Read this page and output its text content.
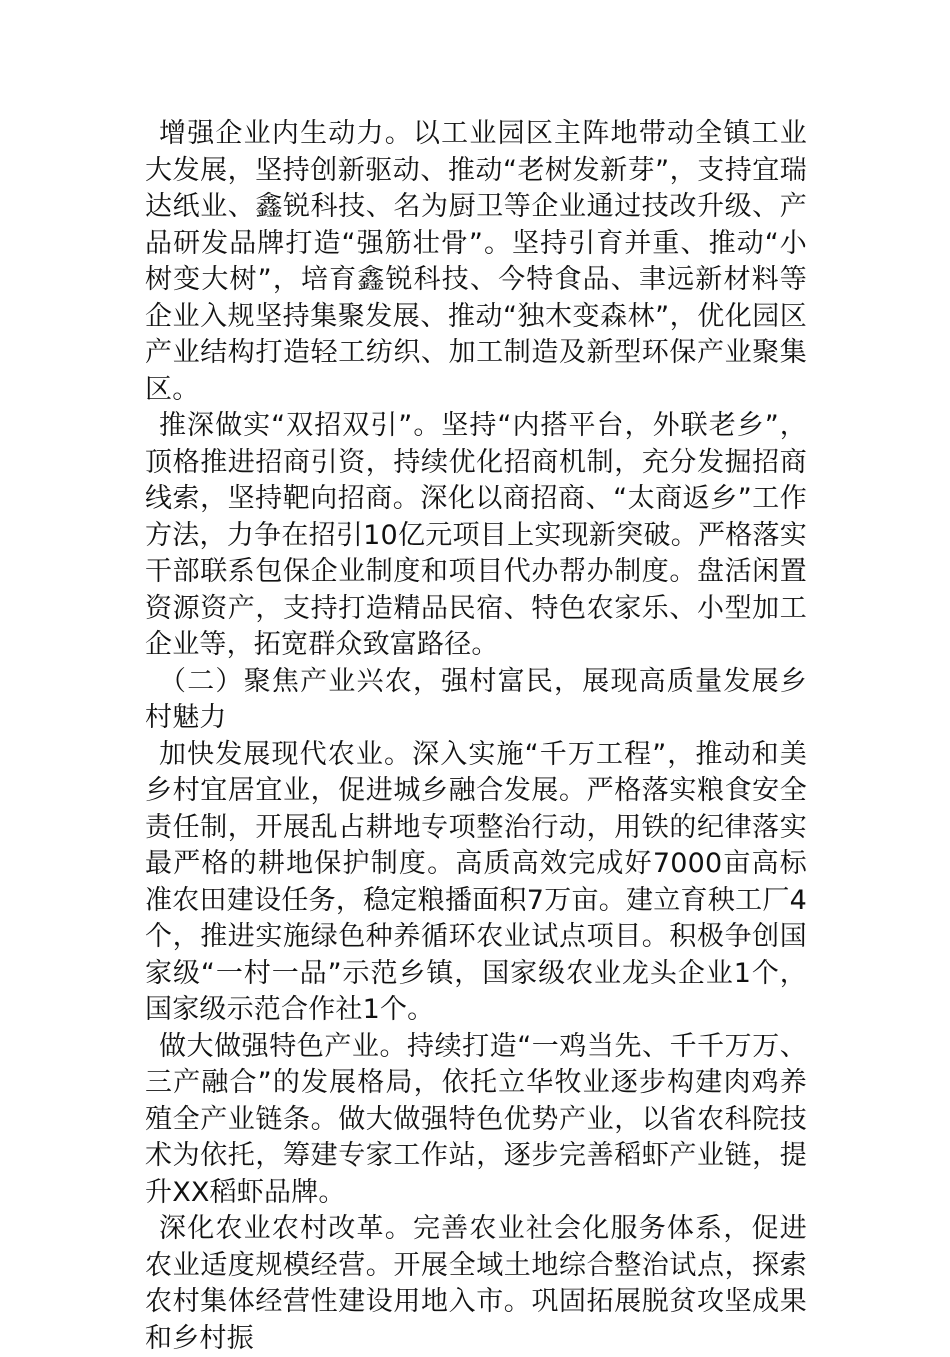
增强企业内生动力。以工业园区主阵地带动全镇工业大发展，坚持创新驱动、推动“老树发新芽”，支持宜瑞达纸业、鑫锐科技、名为厨卫等企业通过技改升级、产品研发品牌打造“强筋壮骨”。坚持引育并重、推动“小树变大树”，培育鑫锐科技、今特食品、聿远新材料等企业入规坚持集聚发展、推动“独木变森林”，优化园区产业结构打造轻工纺织、加工制造及新型环保产业聚集区。

推深做实“双招双引”。坚持“内搭平台，外联老乡”，顶格推进招商引资，持续优化招商机制，充分发掘招商线索，坚持靶向招商。深化以商招商、“太商返乡”工作方法，力争在招引10亿元项目上实现新突破。严格落实干部联系包保企业制度和项目代办帮办制度。盘活闲置资源资产，支持打造精品民宿、特色农家乐、小型加工企业等，拓宽群众致富路径。

（二）聚焦产业兴农，强村富民，展现高质量发展乡村魅力

加快发展现代农业。深入实施“千万工程”，推动和美乡村宜居宜业，促进城乡融合发展。严格落实粮食安全责任制，开展乱占耕地专项整治行动，用铁的纪律落实最严格的耕地保护制度。高质高效完成好7000亩高标准农田建设任务，稳定粮播面积7万亩。建立育秧工厂4个，推进实施绿色种养循环农业试点项目。积极争创国家级“一村一品”示范乡镇，国家级农业龙头企业1个，国家级示范合作社1个。

做大做强特色产业。持续打造“一鸡当先、千千万万、三产融合”的发展格局，依托立华牧业逐步构建肉鸡养殖全产业链条。做大做强特色优势产业，以省农科院技术为依托，筹建专家工作站，逐步完善稻虾产业链，提升XX稻虾品牌。

深化农业农村改革。完善农业社会化服务体系，促进农业适度规模经营。开展全域土地综合整治试点，探索农村集体经营性建设用地入市。巩固拓展脱贫攻坚成果和乡村振
